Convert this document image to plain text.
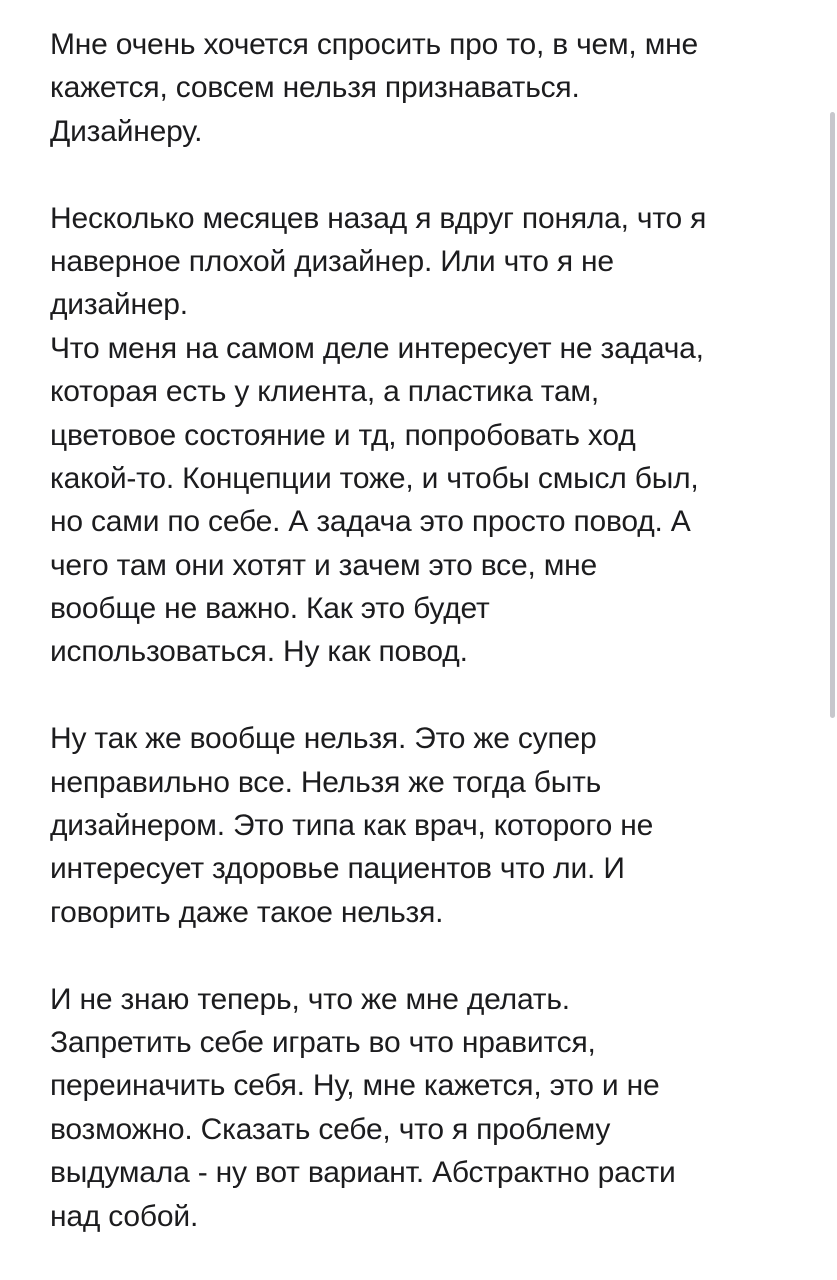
Мне очень хочется спросить про то, в чем, мне
кажется, совсем нельзя признаваться.
Дизайнеру.
Несколько месяцев назад я вдруг поняла, что я
наверное плохой дизайнер. Или что я не
дизайнер.
Что меня на самом деле интересует не задача,
которая есть у клиента, а пластика там,
цветовое состояние и тд, попробовать ход
какой-то. Концепции тоже, и чтобы смысл был,
но сами по себе. А задача это просто повод. А
чего там они хотят и зачем это все, мне
вообще не важно. Как это будет
использоваться. Ну как повод.
Ну так же вообще нельзя. Это же супер
неправильно все. Нельзя же тогда быть
дизайнером. Это типа как врач, которого не
интересует здоровье пациентов что ли. И
говорить даже такое нельзя.
И не знаю теперь, что же мне делать.
Запретить себе играть во что нравится,
переиначить себя. Ну, мне кажется, это и не
возможно. Сказать себе, что я проблему
выдумала - ну вот вариант. Абстрактно расти
над собой.
